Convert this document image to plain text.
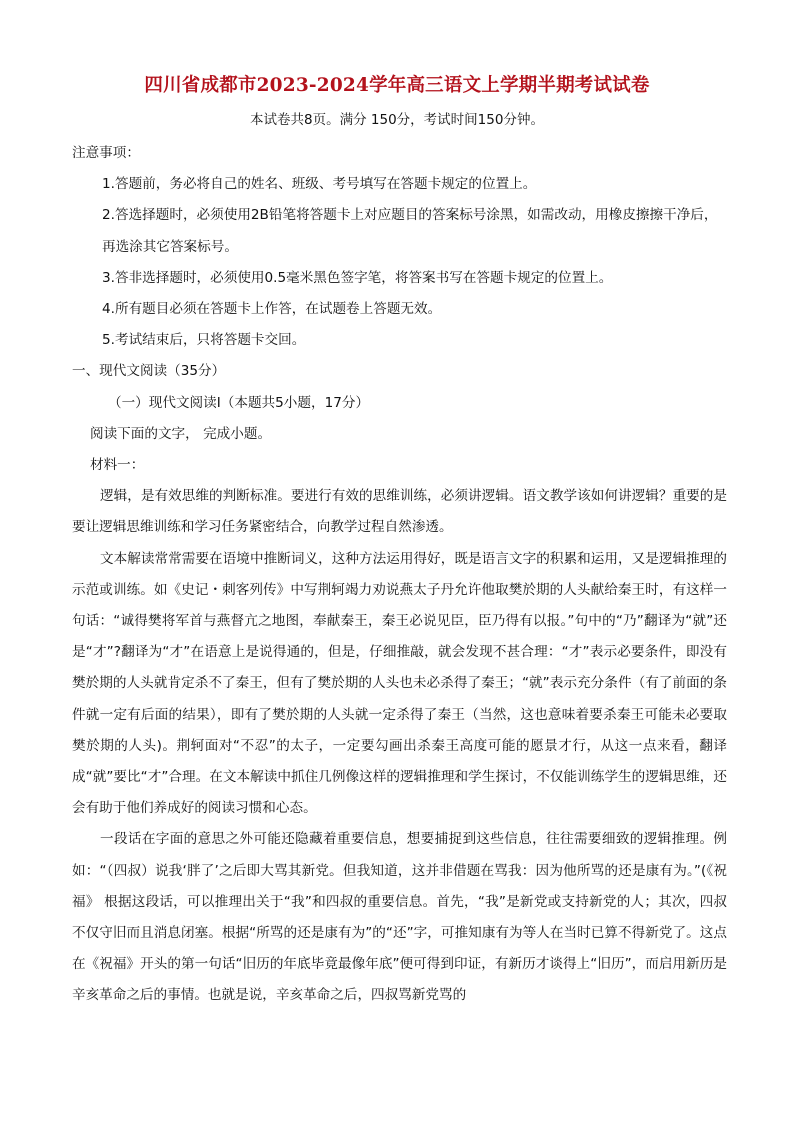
四川省成都市2023-2024学年高三语文上学期半期考试试卷
本试卷共8页。满分 150分，考试时间150分钟。

注意事项：

1.答题前，务必将自己的姓名、班级、考号填写在答题卡规定的位置上。

2.答选择题时，必须使用2B铅笔将答题卡上对应题目的答案标号涂黑，如需改动，用橡皮擦擦干净后，再选涂其它答案标号。

3.答非选择题时，必须使用0.5毫米黑色签字笔，将答案书写在答题卡规定的位置上。

4.所有题目必须在答题卡上作答，在试题卷上答题无效。

5.考试结束后，只将答题卡交回。

一、现代文阅读（35分）

（一）现代文阅读Ⅰ（本题共5小题，17分）

阅读下面的文字， 完成小题。

材料一：

逻辑，是有效思维的判断标准。要进行有效的思维训练，必须讲逻辑。语文教学该如何讲逻辑？重要的是要让逻辑思维训练和学习任务紧密结合，向教学过程自然渗透。

文本解读常常需要在语境中推断词义，这种方法运用得好，既是语言文字的积累和运用，又是逻辑推理的示范或训练。如《史记・刺客列传》中写荆轲竭力劝说燕太子丹允许他取樊於期的人头献给秦王时，有这样一句话：“诚得樊将军首与燕督亢之地图，奉献秦王，秦王必说见臣，臣乃得有以报。”句中的“乃”翻译为“就”还是“才”?翻译为“才”在语意上是说得通的，但是，仔细推敲，就会发现不甚合理：“才”表示必要条件，即没有樊於期的人头就肯定杀不了秦王，但有了樊於期的人头也未必杀得了秦王；“就”表示充分条件（有了前面的条件就一定有后面的结果），即有了樊於期的人头就一定杀得了秦王（当然，这也意味着要杀秦王可能未必要取樊於期的人头)。荆轲面对“不忍”的太子，一定要勾画出杀秦王高度可能的愿景才行，从这一点来看，翻译成“就”要比“才”合理。在文本解读中抓住几例像这样的逻辑推理和学生探讨，不仅能训练学生的逻辑思维，还会有助于他们养成好的阅读习惯和心态。

一段话在字面的意思之外可能还隐藏着重要信息，想要捕捉到这些信息，往往需要细致的逻辑推理。例如：“（四叔）说我‘胖了’之后即大骂其新党。但我知道，这并非借题在骂我：因为他所骂的还是康有为。”(《祝福》 根据这段话，可以推理出关于“我”和四叔的重要信息。首先，“我”是新党或支持新党的人；其次，四叔不仅守旧而且消息闭塞。根据“所骂的还是康有为”的“还”字，可推知康有为等人在当时已算不得新党了。这点在《祝福》开头的第一句话“旧历的年底毕竟最像年底”便可得到印证，有新历才谈得上“旧历”，而启用新历是辛亥革命之后的事情。也就是说，辛亥革命之后，四叔骂新党骂的
